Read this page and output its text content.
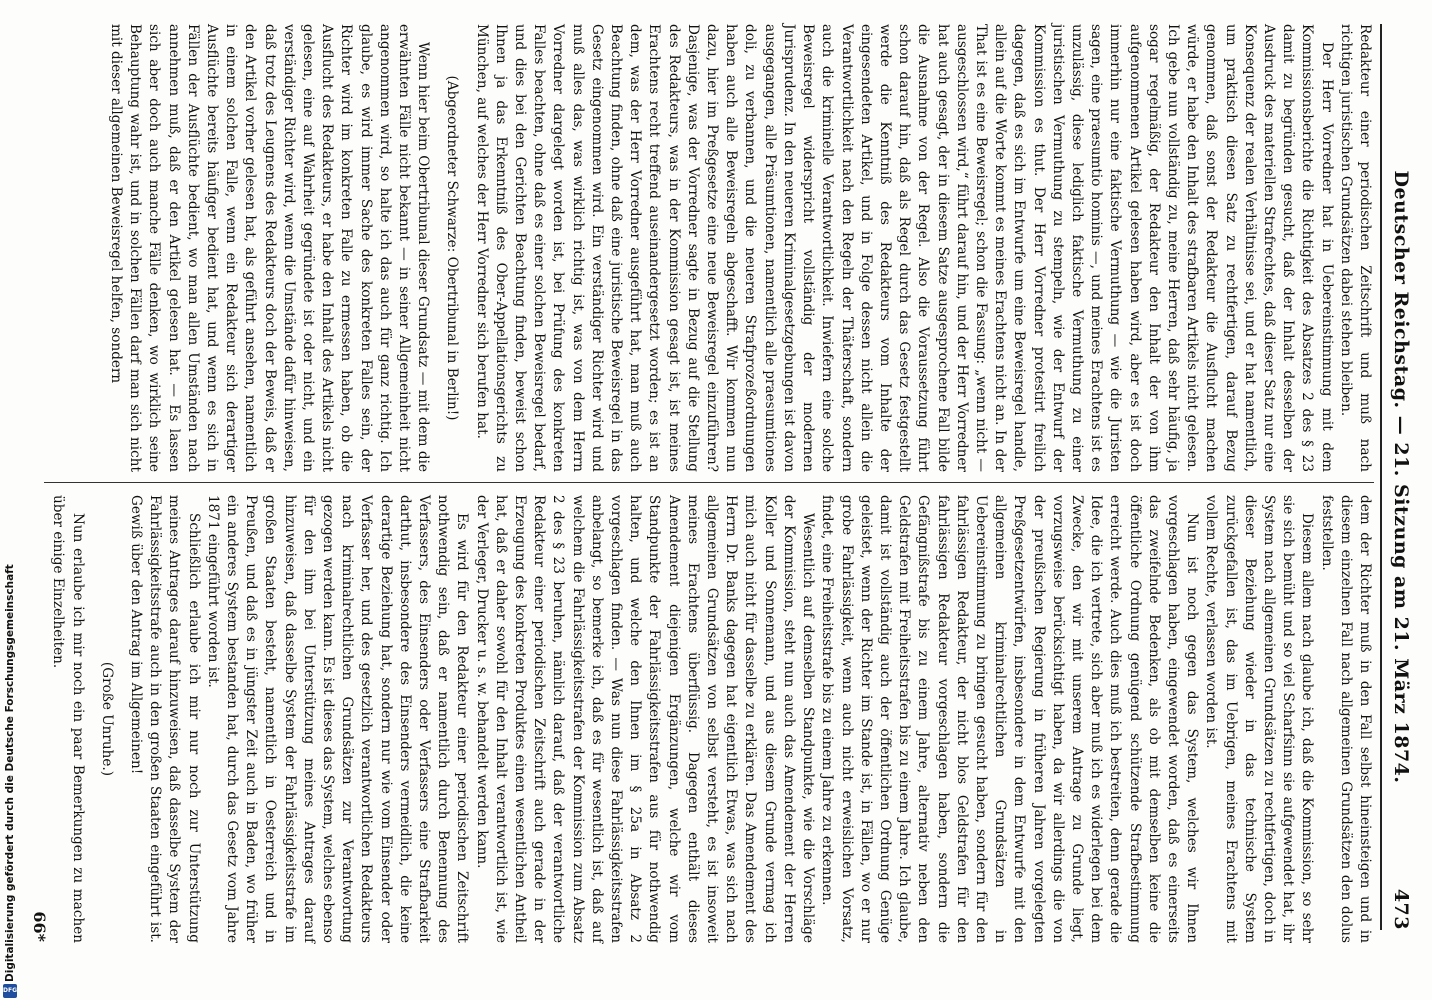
Deutscher Reichstag. — 21. Sitzung am 21. März 1874.
473

Redakteur einer periodischen Zeitschrift und muß nach richtigen juristischen Grundsätzen dabei stehen bleiben.

Der Herr Vorredner hat in Uebereinstimmung mit dem Kommissionsberichte die Richtigkeit des Absatzes 2 des § 23 damit zu begründen gesucht, daß der Inhalt desselben der Ausdruck des materiellen Strafrechtes, daß dieser Satz nur eine Konsequenz der realen Verhältnisse sei, und er hat namentlich, um praktisch diesen Satz zu rechtfertigen, darauf Bezug genommen, daß sonst der Redakteur die Ausflucht machen würde, er habe den Inhalt des strafbaren Artikels nicht gelesen. Ich gebe nun vollständig zu, meine Herren, daß sehr häufig, ja sogar regelmäßig, der Redakteur den Inhalt der von ihm aufgenommenen Artikel gelesen haben wird, aber es ist doch immerhin nur eine faktische Vermuthung — wie die Juristen sagen, eine praesumtio hominis —, und meines Erachtens ist es unzulässig, diese lediglich faktische Vermuthung zu einer juristischen Vermuthung zu stempeln, wie der Entwurf der Kommission es thut. Der Herr Vorredner protestirt freilich dagegen, daß es sich im Entwurfe um eine Beweisregel handle, allein auf die Worte kommt es meines Erachtens nicht an. In der That ist es eine Beweisregel; schon die Fassung: „wenn nicht — ausgeschlossen wird,“ führt darauf hin, und der Herr Vorredner hat auch gesagt, der in diesem Satze ausgesprochene Fall bilde die Ausnahme von der Regel. Also die Voraussetzung führt schon darauf hin, daß als Regel durch das Gesetz festgestellt werde die Kenntniß des Redakteurs vom Inhalte der eingesendeten Artikel, und in Folge dessen nicht allein die Verantwortlichkeit nach den Regeln der Thäterschaft, sondern auch die kriminelle Verantwortlichkeit. Inwiefern eine solche Beweisregel widerspricht vollständig der modernen Jurisprudenz. In den neueren Kriminalgesetzgebungen ist davon ausgegangen, alle Präsumtionen, namentlich alle praesumtiones doli, zu verbannen, und die neueren Strafprozeßordnungen haben auch alle Beweisregeln abgeschafft. Wir kommen nun dazu, hier im Preßgesetze eine neue Beweisregel einzuführen? Dasjenige, was der Vorredner sagte in Bezug auf die Stellung des Redakteurs, was in der Kommission gesagt ist, ist meines Erachtens recht treffend auseinandergesetzt worden; es ist an dem, was der Herr Vorredner ausgeführt hat, man muß auch Beachtung finden, ohne daß eine juristische Beweisregel in das Gesetz eingenommen wird. Ein verständiger Richter wird und muß alles das, was wirklich richtig ist, was von dem Herrn Vorredner dargelegt worden ist, bei Prüfung des konkreten Falles beachten, ohne daß es einer solchen Beweisregel bedarf, und dies bei den Gerichten Beachtung finden, beweist schon Ihnen ja das Erkenntniß des Ober-Appellationsgerichts zu München, auf welches der Herr Vorredner sich berufen hat.

(Abgeordneter Schwarze: Obertribunal in Berlin!)

Wenn hier beim Obertribunal dieser Grundsatz — mit dem die erwähnten Fälle nicht bekannt — in seiner Allgemeinheit nicht angenommen wird, so halte ich das auch für ganz richtig. Ich glaube, es wird immer Sache des konkreten Falles sein, der Richter wird im konkreten Falle zu ermessen haben, ob die Ausflucht des Redakteurs, er habe den Inhalt des Artikels nicht gelesen, eine auf Wahrheit gegründete ist oder nicht, und ein verständiger Richter wird, wenn die Umstände dafür hinweisen, daß trotz des Leugnens des Redakteurs doch der Beweis, daß er den Artikel vorher gelesen hat, als geführt ansehen, namentlich in einem solchen Falle, wenn ein Redakteur sich derartiger Ausflüchte bereits häufiger bedient hat, und wenn es sich in Fällen der Ausflüchte bedient, wo man allen Umständen nach annehmen muß, daß er den Artikel gelesen hat. — Es lassen sich aber doch auch manche Fälle denken, wo wirklich seine Behauptung wahr ist, und in solchen Fällen darf man sich nicht mit dieser allgemeinen Beweisregel helfen, sondern

dem der Richter muß in den Fall selbst hineinsteigen und in diesem einzelnen Fall nach allgemeinen Grundsätzen den dolus feststellen.

Diesem allem nach glaube ich, daß die Kommission, so sehr sie sich bemüht und so viel Scharfsinn sie aufgewendet hat, ihr System nach allgemeinen Grundsätzen zu rechtfertigen, doch in dieser Beziehung wieder in das technische System zurückgefallen ist, das im Uebrigen, meines Erachtens mit vollem Rechte, verlassen worden ist.

Nun ist noch gegen das System, welches wir Ihnen vorgeschlagen haben, eingewendet worden, daß es einerseits das zweifelnde Bedenken, als ob mit demselben keine die öffentliche Ordnung genügend schützende Strafbestimmung erreicht werde. Auch dies muß ich bestreiten, denn gerade die Idee, die ich vertrete, sich aber muß ich es widerlegen bei dem Zwecke, den wir mit unserem Antrage zu Grunde liegt, vorzugsweise berücksichtigt haben, da wir allerdings die von der preußischen Regierung in früheren Jahren vorgelegten Preßgesetzentwürfen, insbesondere in dem Entwurfe mit den allgemeinen kriminalrechtlichen Grundsätzen in Uebereinstimmung zu bringen gesucht haben, sondern für den fahrlässigen Redakteur, der nicht blos Geldstrafen für den fahrlässigen Redakteur vorgeschlagen haben, sondern die Gefängnißstrafe bis zu einem Jahre, alternativ neben den Geldstrafen mit Freiheitsstrafen bis zu einem Jahre. Ich glaube, damit ist vollständig auch der öffentlichen Ordnung Genüge geleistet, wenn der Richter im Stande ist, in Fällen, wo er nur grobe Fahrlässigkeit, wenn auch nicht erweislichen Vorsatz, findet, eine Freiheitsstrafe bis zu einem Jahre zu erkennen.

Wesentlich auf demselben Standpunkte, wie die Vorschläge der Kommission, steht nun auch das Amendement der Herren Koller und Sonnemann, und aus diesem Grunde vermag ich mich auch nicht für dasselbe zu erklären. Das Amendement des Herrn Dr. Banks dagegen hat eigentlich Etwas, was sich nach allgemeinen Grundsätzen von selbst versteht, es ist insoweit meines Erachtens überflüssig. Dagegen enthält dieses Amendement diejenigen Ergänzungen, welche wir vom Standpunkte der Fahrlässigkeitsstrafen aus für nothwendig halten, und welche den Ihnen im § 25a in Absatz 2 vorgeschlagen finden. — Was nun diese Fahrlässigkeitsstrafen anbelangt, so bemerke ich, daß es für wesentlich ist, daß auf welchem die Fahrlässigkeitsstrafen der Kommission zum Absatz 2 des § 23 beruhen, nämlich darauf, daß der verantwortliche Redakteur einer periodischen Zeitschrift auch gerade in der Erzeugung des konkreten Produktes einen wesentlichen Antheil hat, daß er daher sowohl für den Inhalt verantwortlich ist, wie der Verleger, Drucker u. s. w. behandelt werden kann.

Es wird für den Redakteur einer periodischen Zeitschrift nothwendig sein, daß er namentlich durch Benennung des Verfassers, des Einsenders oder Verfassers eine Strafbarkeit darthut, insbesondere des Einsenders vermeidlich, die keine derartige Beziehung hat, sondern nur wie vom Einsender oder Verfasser her, und des gesetzlich verantwortlichen Redakteurs nach kriminalrechtlichen Grundsätzen zur Verantwortung gezogen werden kann. Es ist dieses das System, welches ebenso für den ihm bei Unterstützung meines Antrages darauf hinzuweisen, daß dasselbe System der Fahrlässigkeitsstrafe im großen Staaten besteht, namentlich in Oesterreich und in Preußen, und daß es in jüngster Zeit auch in Baden, wo früher ein anderes System bestanden hat, durch das Gesetz vom Jahre 1871 eingeführt worden ist.

Schließlich erlaube ich mir nur noch zur Unterstützung meines Antrages darauf hinzuweisen, daß dasselbe System der Fahrlässigkeitsstrafe auch in den großen Staaten eingeführt ist. Gewiß über den Antrag im Allgemeinen!

(Große Unruhe.)

Nun erlaube ich mir noch ein paar Bemerkungen zu machen über einige Einzelheiten.

66*
Digitalisierung gefördert durch die Deutsche Forschungsgemeinschaft
DFG
